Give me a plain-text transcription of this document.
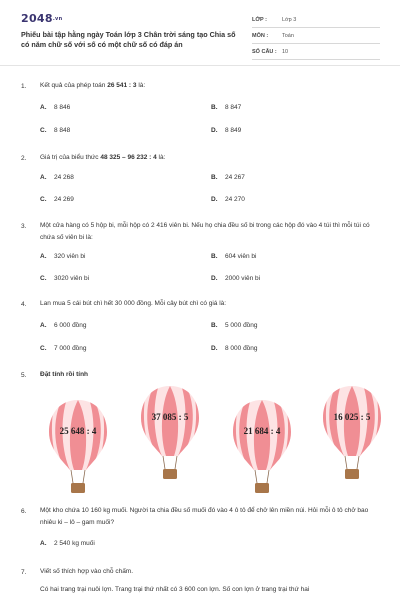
2048.vn
Phiếu bài tập hằng ngày Toán lớp 3 Chân trời sáng tạo Chia số có năm chữ số với số có một chữ số có đáp án
LỚP :	Lớp 3
MÔN :	Toán
SỐ CÂU : 10
1. Kết quả của phép toán 26 541 : 3 là:
A. 8 846	B. 8 847
C. 8 848	D. 8 849
2. Giá trị của biểu thức 48 325 – 96 232 : 4 là:
A. 24 268	B. 24 267
C. 24 269	D. 24 270
3. Một cửa hàng có 5 hộp bi, mỗi hộp có 2 416 viên bi. Nếu họ chia đều số bi trong các hộp đó vào 4 túi thì mỗi túi có chứa số viên bi là:
A. 320 viên bi	B. 604 viên bi
C. 3020 viên bi	D. 2000 viên bi
4. Lan mua 5 cái bút chì hết 30 000 đồng. Mỗi cây bút chì có giá là:
A. 6 000 đồng	B. 5 000 đồng
C. 7 000 đồng	D. 8 000 đồng
5. Đặt tính rồi tính
25 648 : 4
37 085 : 5
21 684 : 4
16 025 : 5
6. Một kho chứa 10 160 kg muối. Người ta chia đều số muối đó vào 4 ô tô để chở lên miền núi. Hỏi mỗi ô tô chở bao nhiêu ki – lô – gam muối?
A. 2 540 kg muối
7. Viết số thích hợp vào chỗ chấm.
Có hai trang trại nuôi lợn. Trang trại thứ nhất có 3 600 con lợn. Số con lợn ở trang trại thứ hai
